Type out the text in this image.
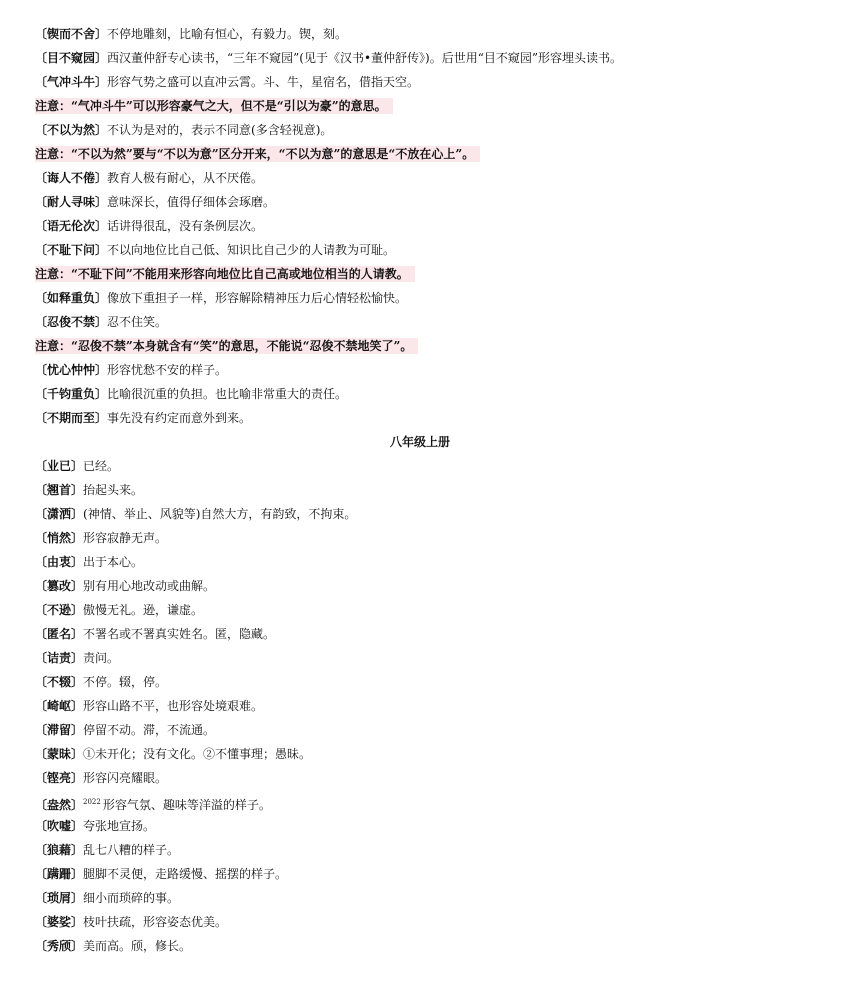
〔锲而不舍〕不停地雕刻，比喻有恒心，有毅力。锲，刻。
〔目不窥园〕西汉董仲舒专心读书，“三年不窥园”(见于《汉书•董仲舒传》)。后世用“目不窥园”形容埋头读书。
〔气冲斗牛〕形容气势之盛可以直冲云霄。斗、牛，星宿名，借指天空。
注意：“气冲斗牛”可以形容豪气之大，但不是“引以为豪”的意思。
〔不以为然〕不认为是对的，表示不同意(多含轻视意)。
注意：“不以为然”要与“不以为意”区分开来，“不以为意”的意思是“不放在心上”。
〔诲人不倦〕教育人极有耐心，从不厌倦。
〔耐人寻味〕意味深长，值得仔细体会琢磨。
〔语无伦次〕话讲得很乱，没有条例层次。
〔不耻下问〕不以向地位比自己低、知识比自己少的人请教为可耻。
注意：“不耻下问”不能用来形容向地位比自己高或地位相当的人请教。
〔如释重负〕像放下重担子一样，形容解除精神压力后心情轻松愉快。
〔忍俊不禁〕忍不住笑。
注意：“忍俊不禁”本身就含有“笑”的意思，不能说“忍俊不禁地笑了”。
〔忧心忡忡〕形容忧愁不安的样子。
〔千钧重负〕比喻很沉重的负担。也比喻非常重大的责任。
〔不期而至〕事先没有约定而意外到来。
八年级上册
〔业已〕已经。
〔翘首〕抬起头来。
〔潇洒〕(神情、举止、风貌等)自然大方，有韵致，不拘束。
〔悄然〕形容寂静无声。
〔由衷〕出于本心。
〔篡改〕别有用心地改动或曲解。
〔不逊〕傲慢无礼。逊，谦虚。
〔匿名〕不署名或不署真实姓名。匿，隐藏。
〔诘责〕责问。
〔不辍〕不停。辍，停。
〔崎岖〕形容山路不平，也形容处境艰难。
〔滞留〕停留不动。滞，不流通。
〔蒙昧〕①未开化；没有文化。②不懂事理；愚昧。
〔铿亮〕形容闪亮耀眼。
〔盎然〕$^{2022}$ 形容气氛、趣味等洋溢的样子。
〔吹嘘〕夸张地宣扬。
〔狼藉〕乱七八糟的样子。
〔蹒跚〕腿脚不灵便，走路缓慢、摇摆的样子。
〔琐屑〕细小而琐碎的事。
〔婆娑〕枝叶扶疏，形容姿态优美。
〔秀颀〕美而高。颀，修长。
